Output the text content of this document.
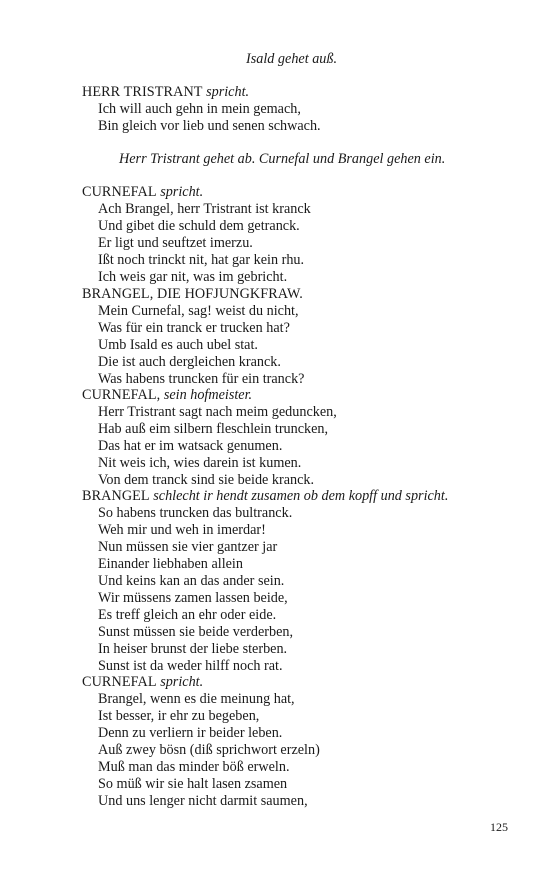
Isald gehet auß.
HERR TRISTRANT spricht.
Ich will auch gehn in mein gemach,
Bin gleich vor lieb und senen schwach.
Herr Tristrant gehet ab. Curnefal und Brangel gehen ein.
CURNEFAL spricht.
Ach Brangel, herr Tristrant ist kranck
Und gibet die schuld dem getranck.
Er ligt und seuftzet imerzu.
Ißt noch trinckt nit, hat gar kein rhu.
Ich weis gar nit, was im gebricht.
BRANGEL, DIE HOFJUNGKFRAW.
Mein Curnefal, sag! weist du nicht,
Was für ein tranck er trucken hat?
Umb Isald es auch ubel stat.
Die ist auch dergleichen kranck.
Was habens truncken für ein tranck?
CURNEFAL, sein hofmeister.
Herr Tristrant sagt nach meim geduncken,
Hab auß eim silbern fleschlein truncken,
Das hat er im watsack genumen.
Nit weis ich, wies darein ist kumen.
Von dem tranck sind sie beide kranck.
BRANGEL schlecht ir hendt zusamen ob dem kopff und spricht.
So habens truncken das bultranck.
Weh mir und weh in imerdar!
Nun müssen sie vier gantzer jar
Einander liebhaben allein
Und keins kan an das ander sein.
Wir müssens zamen lassen beide,
Es treff gleich an ehr oder eide.
Sunst müssen sie beide verderben,
In heiser brunst der liebe sterben.
Sunst ist da weder hilff noch rat.
CURNEFAL spricht.
Brangel, wenn es die meinung hat,
Ist besser, ir ehr zu begeben,
Denn zu verliern ir beider leben.
Auß zwey bösn (diß sprichwort erzeln)
Muß man das minder böß erweln.
So müß wir sie halt lasen zsamen
Und uns lenger nicht darmit saumen,
125
